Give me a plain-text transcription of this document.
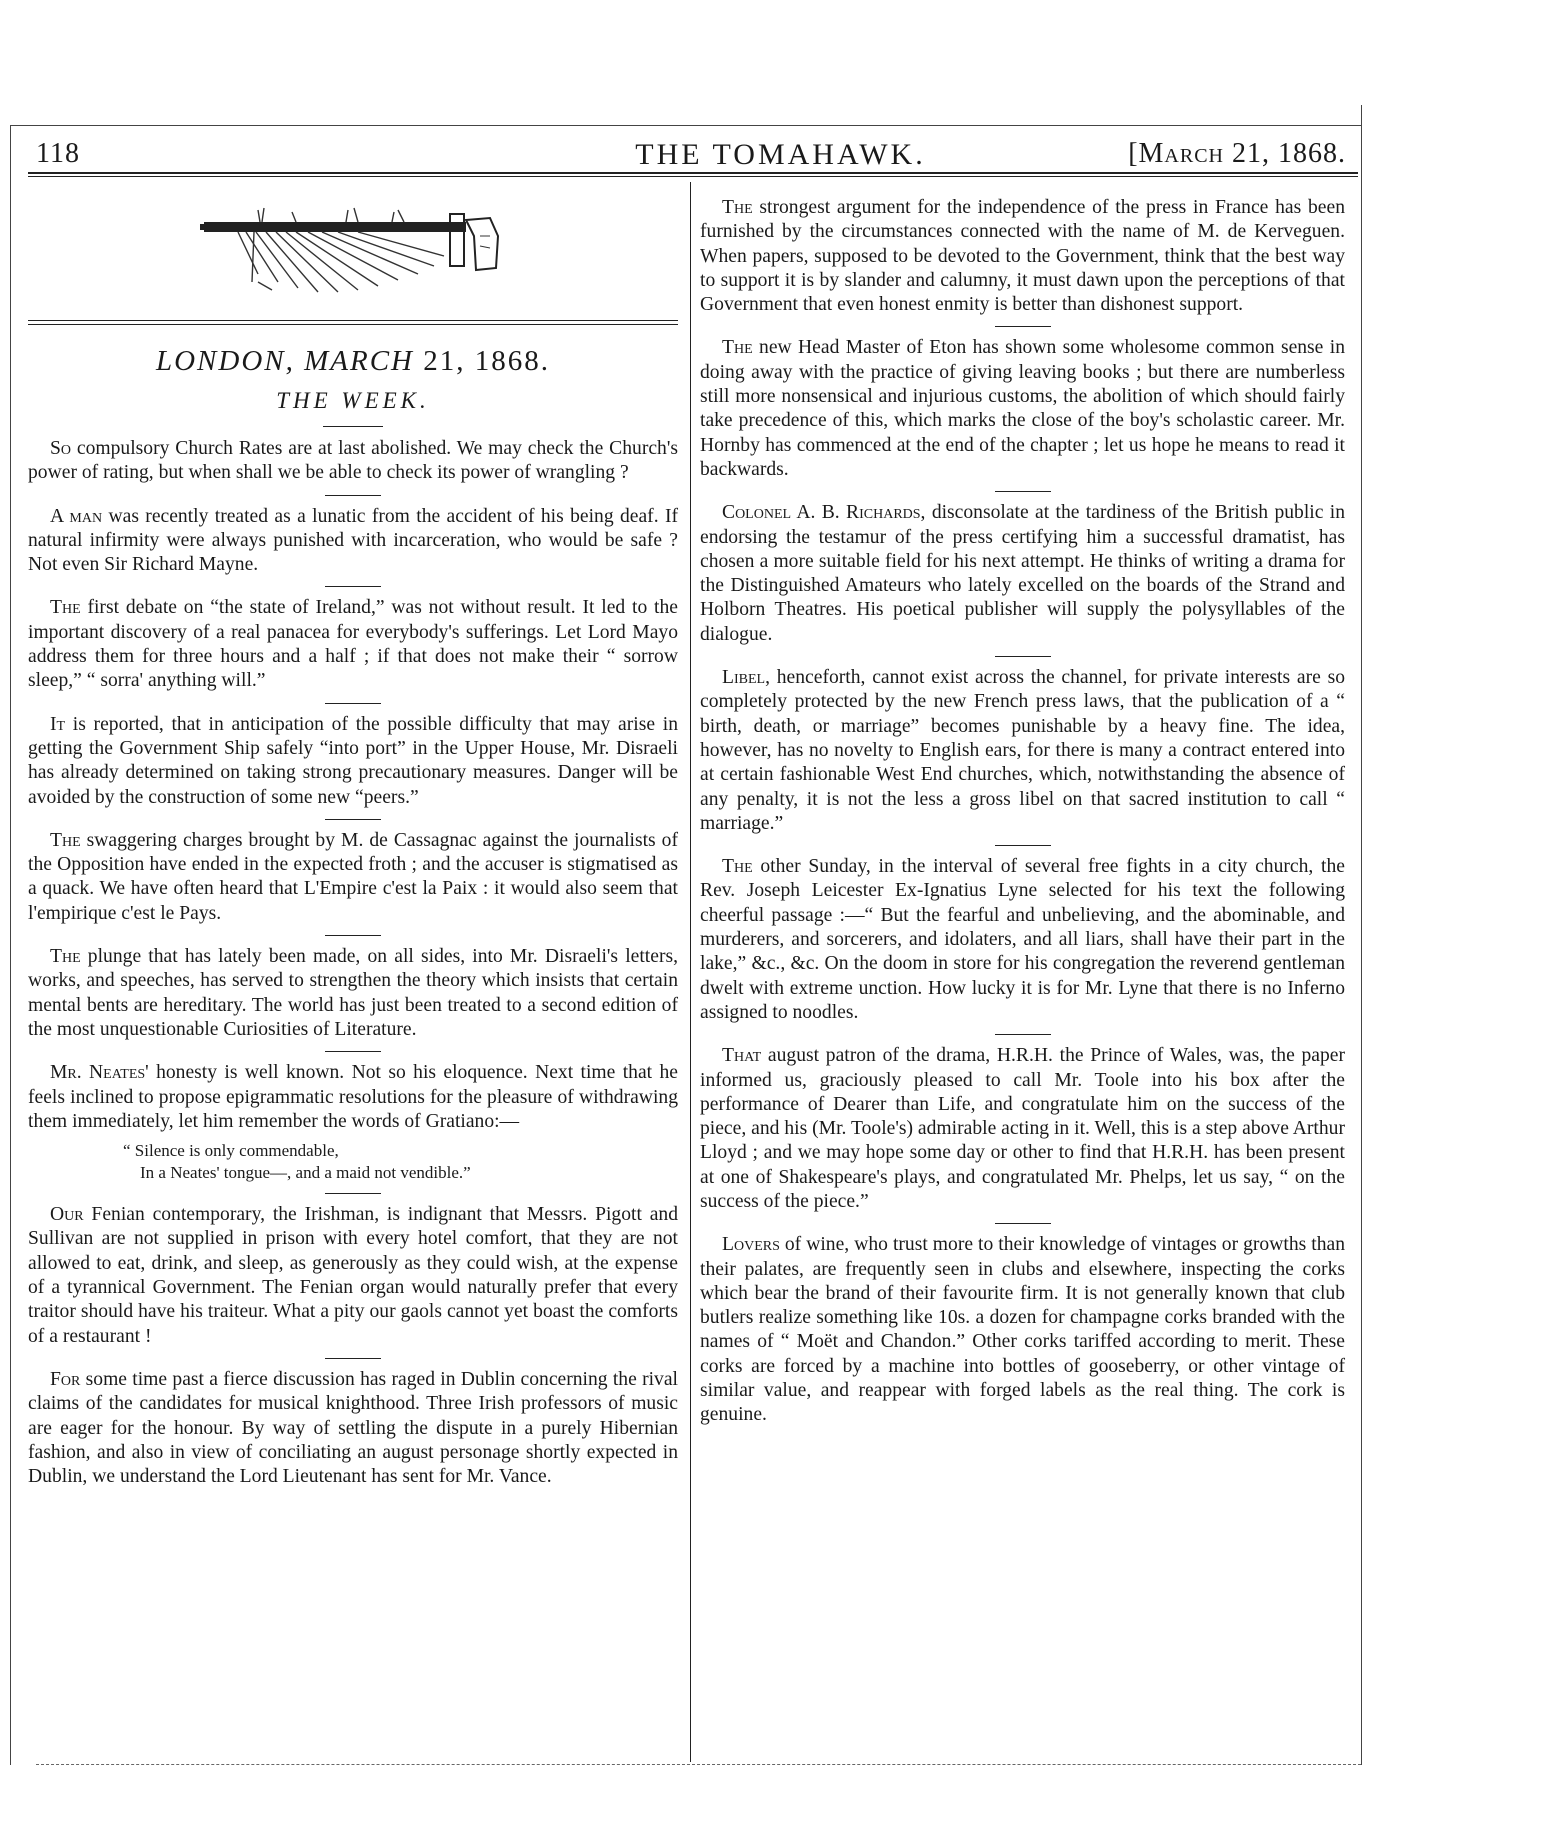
118	THE TOMAHAWK.	[March 21, 1868.
LONDON, MARCH 21, 1868.
THE WEEK.

So compulsory Church Rates are at last abolished. We may check the Church's power of rating, but when shall we be able to check its power of wrangling ?

A man was recently treated as a lunatic from the accident of his being deaf. If natural infirmity were always punished with incarceration, who would be safe ? Not even Sir Richard Mayne.

The first debate on “the state of Ireland,” was not without result. It led to the important discovery of a real panacea for everybody's sufferings. Let Lord Mayo address them for three hours and a half ; if that does not make their “ sorrow sleep,” “ sorra' anything will.”

It is reported, that in anticipation of the possible difficulty that may arise in getting the Government Ship safely “into port” in the Upper House, Mr. Disraeli has already determined on taking strong precautionary measures. Danger will be avoided by the construction of some new “peers.”

The swaggering charges brought by M. de Cassagnac against the journalists of the Opposition have ended in the expected froth ; and the accuser is stigmatised as a quack. We have often heard that L'Empire c'est la Paix : it would also seem that l'empirique c'est le Pays.

The plunge that has lately been made, on all sides, into Mr. Disraeli's letters, works, and speeches, has served to strengthen the theory which insists that certain mental bents are hereditary. The world has just been treated to a second edition of the most unquestionable Curiosities of Literature.

Mr. Neates' honesty is well known. Not so his eloquence. Next time that he feels inclined to propose epigrammatic resolutions for the pleasure of withdrawing them immediately, let him remember the words of Gratiano:—

“ Silence is only commendable,
In a Neates' tongue—, and a maid not vendible.”

Our Fenian contemporary, the Irishman, is indignant that Messrs. Pigott and Sullivan are not supplied in prison with every hotel comfort, that they are not allowed to eat, drink, and sleep, as generously as they could wish, at the expense of a tyrannical Government. The Fenian organ would naturally prefer that every traitor should have his traiteur. What a pity our gaols cannot yet boast the comforts of a restaurant !

For some time past a fierce discussion has raged in Dublin concerning the rival claims of the candidates for musical knighthood. Three Irish professors of music are eager for the honour. By way of settling the dispute in a purely Hibernian fashion, and also in view of conciliating an august personage shortly expected in Dublin, we understand the Lord Lieutenant has sent for Mr. Vance.

The strongest argument for the independence of the press in France has been furnished by the circumstances connected with the name of M. de Kerveguen. When papers, supposed to be devoted to the Government, think that the best way to support it is by slander and calumny, it must dawn upon the perceptions of that Government that even honest enmity is better than dishonest support.

The new Head Master of Eton has shown some wholesome common sense in doing away with the practice of giving leaving books ; but there are numberless still more nonsensical and injurious customs, the abolition of which should fairly take precedence of this, which marks the close of the boy's scholastic career. Mr. Hornby has commenced at the end of the chapter ; let us hope he means to read it backwards.

Colonel A. B. Richards, disconsolate at the tardiness of the British public in endorsing the testamur of the press certifying him a successful dramatist, has chosen a more suitable field for his next attempt. He thinks of writing a drama for the Distinguished Amateurs who lately excelled on the boards of the Strand and Holborn Theatres. His poetical publisher will supply the polysyllables of the dialogue.

Libel, henceforth, cannot exist across the channel, for private interests are so completely protected by the new French press laws, that the publication of a “ birth, death, or marriage” becomes punishable by a heavy fine. The idea, however, has no novelty to English ears, for there is many a contract entered into at certain fashionable West End churches, which, notwithstanding the absence of any penalty, it is not the less a gross libel on that sacred institution to call “ marriage.”

The other Sunday, in the interval of several free fights in a city church, the Rev. Joseph Leicester Ex-Ignatius Lyne selected for his text the following cheerful passage :—“ But the fearful and unbelieving, and the abominable, and murderers, and sorcerers, and idolaters, and all liars, shall have their part in the lake,” &c., &c. On the doom in store for his congregation the reverend gentleman dwelt with extreme unction. How lucky it is for Mr. Lyne that there is no Inferno assigned to noodles.

That august patron of the drama, H.R.H. the Prince of Wales, was, the paper informed us, graciously pleased to call Mr. Toole into his box after the performance of Dearer than Life, and congratulate him on the success of the piece, and his (Mr. Toole's) admirable acting in it. Well, this is a step above Arthur Lloyd ; and we may hope some day or other to find that H.R.H. has been present at one of Shakespeare's plays, and congratulated Mr. Phelps, let us say, “ on the success of the piece.”

Lovers of wine, who trust more to their knowledge of vintages or growths than their palates, are frequently seen in clubs and elsewhere, inspecting the corks which bear the brand of their favourite firm. It is not generally known that club butlers realize something like 10s. a dozen for champagne corks branded with the names of “ Moët and Chandon.” Other corks tariffed according to merit. These corks are forced by a machine into bottles of gooseberry, or other vintage of similar value, and reappear with forged labels as the real thing. The cork is genuine.
